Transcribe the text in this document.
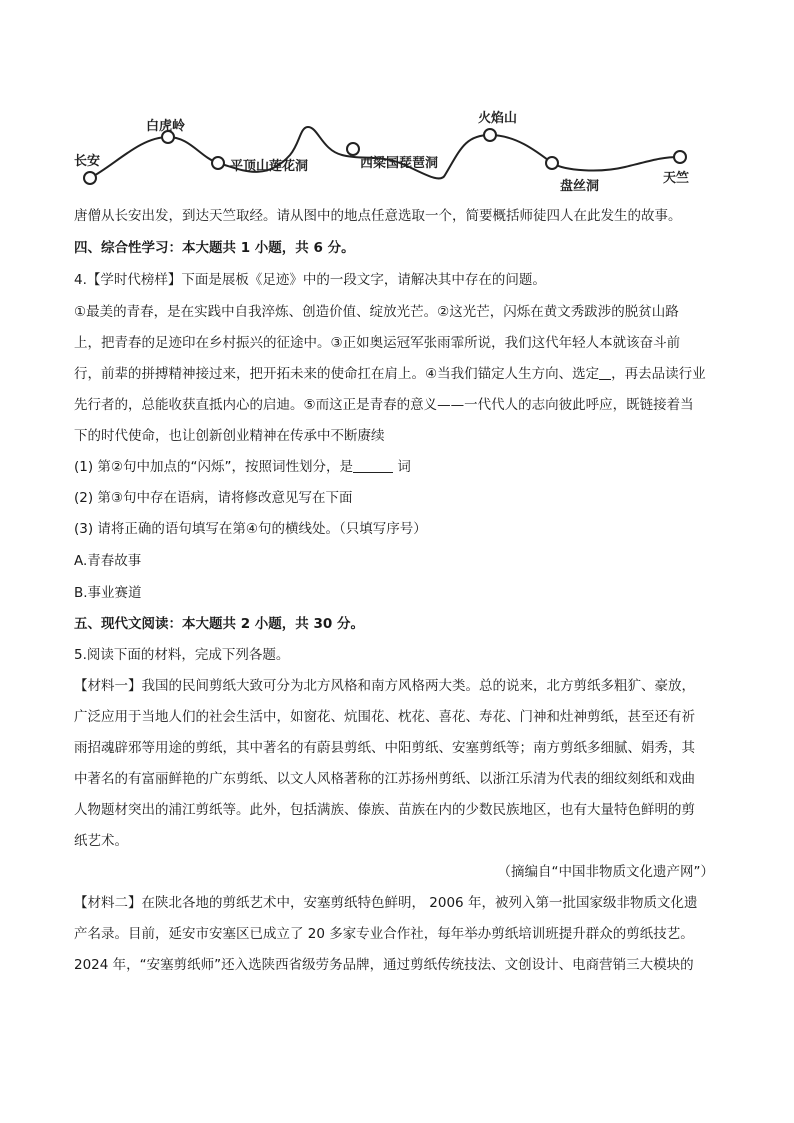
长安
白虎岭
平顶山莲花洞	西梁国琵琶洞
火焰山
盘丝洞
天竺
唐僧从长安出发，到达天竺取经。请从图中的地点任意选取一个，简要概括师徒四人在此发生的故事。
四、综合性学习：本大题共 1 小题，共 6 分。
4.【学时代榜样】下面是展板《足迹》中的一段文字，请解决其中存在的问题。
①最美的青春，是在实践中自我淬炼、创造价值、绽放光芒。②这光芒，闪烁在黄文秀跋涉的脱贫山路
上，把青春的足迹印在乡村振兴的征途中。③正如奥运冠军张雨霏所说，我们这代年轻人本就该奋斗前
行，前辈的拼搏精神接过来，把开拓未来的使命扛在肩上。④当我们锚定人生方向、选定 ，再去品读行业
先行者的，总能收获直抵内心的启迪。⑤而这正是青春的意义——一代代人的志向彼此呼应，既链接着当
下的时代使命，也让创新创业精神在传承中不断赓续
(1) 第②句中加点的“闪烁”，按照词性划分，是	词
(2) 第③句中存在语病，请将修改意见写在下面
(3) 请将正确的语句填写在第④句的横线处。（只填写序号）
A.青春故事
B.事业赛道
五、现代文阅读：本大题共 2 小题，共 30 分。
5.阅读下面的材料，完成下列各题。
【材料一】我国的民间剪纸大致可分为北方风格和南方风格两大类。总的说来，北方剪纸多粗犷、豪放，
广泛应用于当地人们的社会生活中，如窗花、炕围花、枕花、喜花、寿花、门神和灶神剪纸，甚至还有祈
雨招魂辟邪等用途的剪纸，其中著名的有蔚县剪纸、中阳剪纸、安塞剪纸等；南方剪纸多细腻、娟秀，其
中著名的有富丽鲜艳的广东剪纸、以文人风格著称的江苏扬州剪纸、以浙江乐清为代表的细纹刻纸和戏曲
人物题材突出的浦江剪纸等。此外，包括满族、傣族、苗族在内的少数民族地区，也有大量特色鲜明的剪
纸艺术。
（摘编自“中国非物质文化遗产网”）
【材料二】在陕北各地的剪纸艺术中，安塞剪纸特色鲜明， 2006 年，被列入第一批国家级非物质文化遗
产名录。目前，延安市安塞区已成立了 20 多家专业合作社，每年举办剪纸培训班提升群众的剪纸技艺。
2024 年，“安塞剪纸师”还入选陕西省级劳务品牌，通过剪纸传统技法、文创设计、电商营销三大模块的
